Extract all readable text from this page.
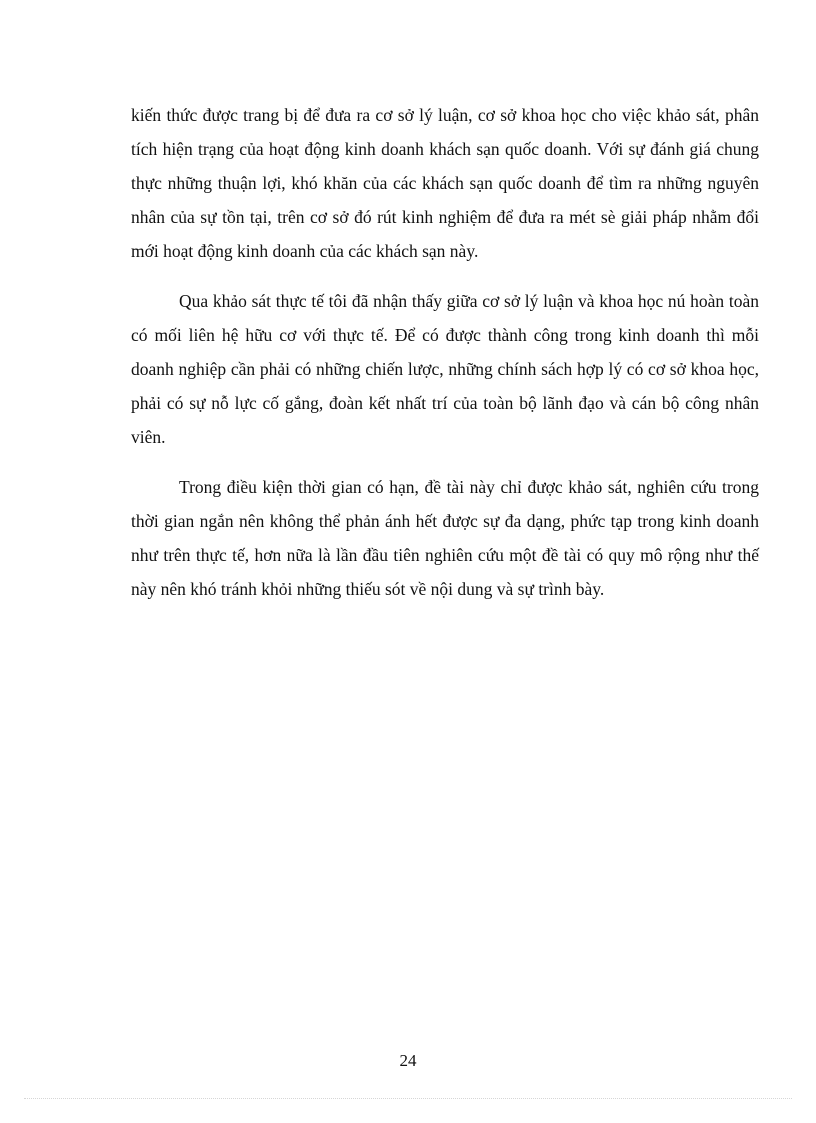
kiến thức được trang bị để đưa ra cơ sở lý luận, cơ sở khoa học cho việc khảo sát, phân tích hiện trạng của hoạt động kinh doanh khách sạn quốc doanh. Với sự đánh giá chung thực những thuận lợi, khó khăn của các khách sạn quốc doanh để tìm ra những nguyên nhân của sự tồn tại, trên cơ sở đó rút kinh nghiệm để đưa ra mét sè giải pháp nhằm đổi mới hoạt động kinh doanh của các khách sạn này.

Qua khảo sát thực tế tôi đã nhận thấy giữa cơ sở lý luận và khoa học nú hoàn toàn có mối liên hệ hữu cơ với thực tế. Để có được thành công trong kinh doanh thì mỗi doanh nghiệp cần phải có những chiến lược, những chính sách hợp lý có cơ sở khoa học, phải có sự nỗ lực cố gắng, đoàn kết nhất trí của toàn bộ lãnh đạo và cán bộ công nhân viên.

Trong điều kiện thời gian có hạn, đề tài này chỉ được khảo sát, nghiên cứu trong thời gian ngắn nên không thể phản ánh hết được sự đa dạng, phức tạp trong kinh doanh như trên thực tế, hơn nữa là lần đầu tiên nghiên cứu một đề tài có quy mô rộng như thế này nên khó tránh khỏi những thiếu sót về nội dung và sự trình bày.

24
